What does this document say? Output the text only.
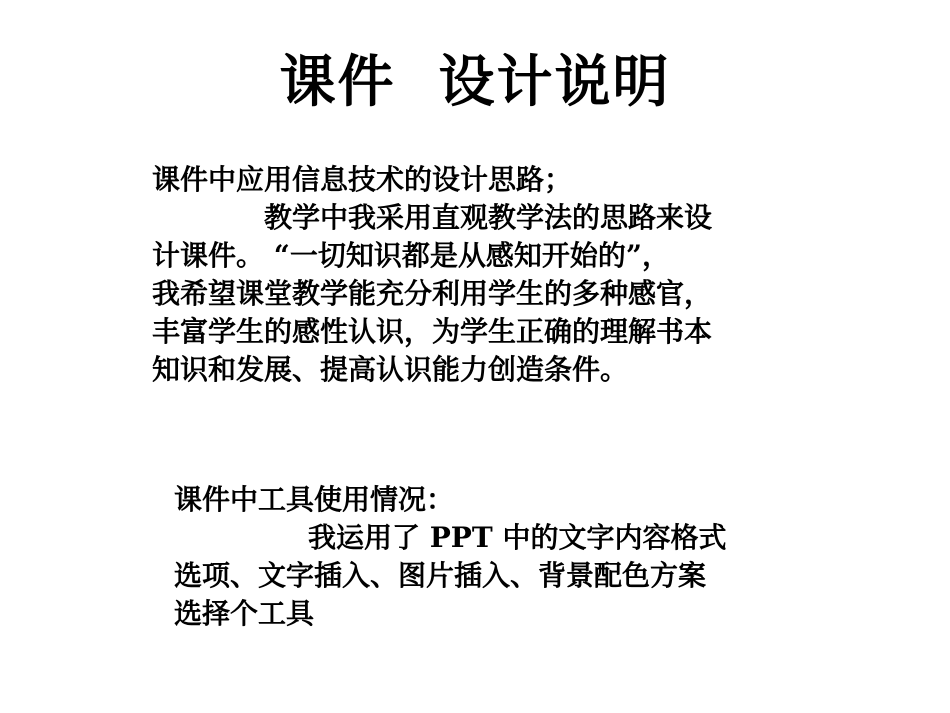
课件  设计说明
课件中应用信息技术的设计思路；
教学中我采用直观教学法的思路来设
计课件。 “一切知识都是从感知开始的”，
我希望课堂教学能充分利用学生的多种感官，
丰富学生的感性认识，为学生正确的理解书本
知识和发展、提高认识能力创造条件。
课件中工具使用情况：
我运用了 PPT 中的文字内容格式
选项、文字插入、图片插入、背景配色方案
选择个工具
